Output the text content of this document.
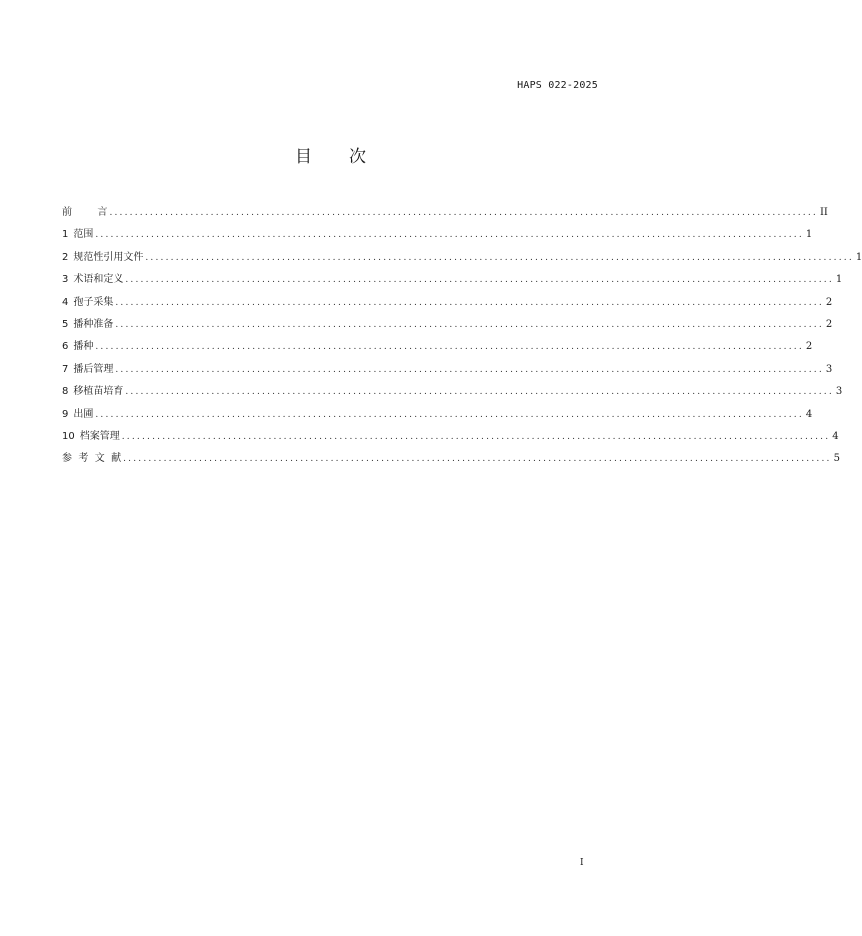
HAPS 022-2025
目 次
前        言 ............................................................................................................................................ II
1 范围 ............................................................................................................................................ 1
2 规范性引用文件 ............................................................................................................................................ 1
3 术语和定义 ............................................................................................................................................ 1
4 孢子采集 ............................................................................................................................................ 2
5 播种准备 ............................................................................................................................................ 2
6 播种 ............................................................................................................................................ 2
7 播后管理 ............................................................................................................................................ 3
8 移植苗培育 ............................................................................................................................................ 3
9 出圃 ............................................................................................................................................ 4
10 档案管理 ............................................................................................................................................ 4
参  考  文  献 ............................................................................................................................................ 5
I
